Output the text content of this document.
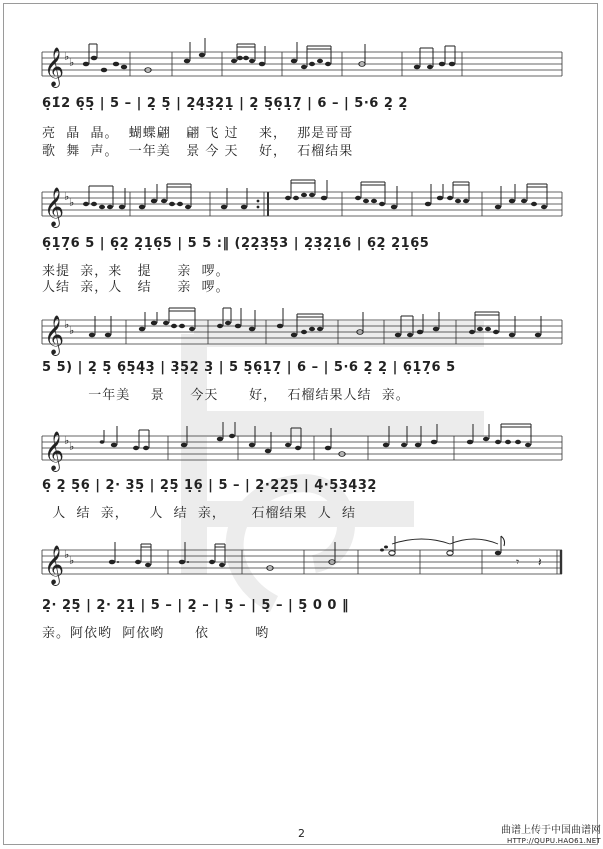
𝄞 ♭ ♭
6̣1̇2 6̣5̣ | 5 – | 2̣ 5̣ | 2̣4̣3̣2̣1̣ | 2̣ 5̣6̣1̣7̣ | 6 – | 5·6 2̣ 2̣
亮  晶  晶。  蝴蝶翩   翩 飞 过    来，  那是哥哥
歌  舞  声。  一年美   景 今 天    好，  石榴结果
𝄞 ♭ ♭
6̣1̣7̣6 5 | 6̣2̣ 2̣1̣6̣5 | 5 5 :‖ (2̣2̣3̣5̣3 | 2̣3̣2̣1̣6 | 6̣2̣ 2̣1̣6̣5
来提  亲，来   提     亲  啰。
人结  亲，人   结     亲  啰。
𝄞 ♭ ♭
5 5) | 2̣ 5̣ 6̣5̣4̣3̣ | 3̣5̣2̣ 3̣ | 5 5̣6̣1̣7̣ | 6 – | 5·6 2̣ 2̣ | 6̣1̣7̣6 5
一年美    景     今天      好，  石榴结果人结  亲。
𝄞 ♭ ♭
6̣ 2̣ 5̣6̣ | 2̣· 3̣5̣ | 2̣5̣ 1̣6̣ | 5 – | 2̣·2̣2̣5̣ | 4̣·5̣3̣4̣3̣2̣
人  结  亲，    人  结  亲，     石榴结果  人  结
𝄞 ♭ ♭	𝄾 𝄽
2̣· 2̣5̣ | 2̣· 2̣1̣ | 5 – | 2̣ – | 5̣ – | 5̣ – | 5̣ 0 0 ‖
亲。阿依哟  阿依哟      依         哟
2	曲谱上传于中国曲谱网
HTTP://QUPU.HAO61.NET
